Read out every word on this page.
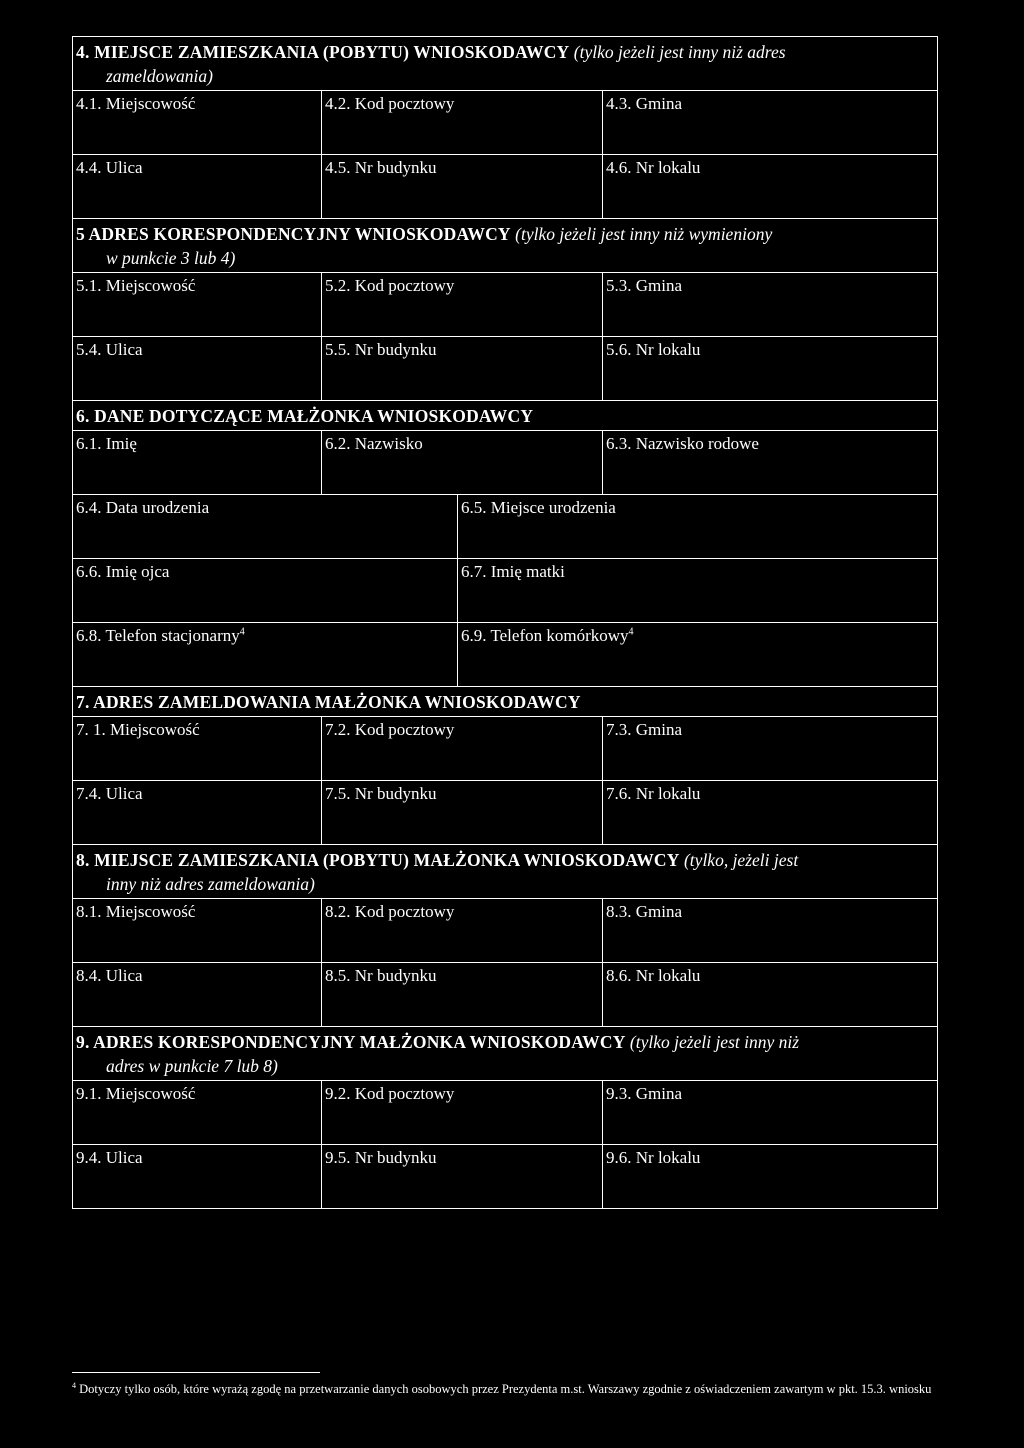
4. MIEJSCE ZAMIESZKANIA (POBYTU) WNIOSKODAWCY (tylko jeżeli jest inny niż adres
zameldowania)
4.1. Miejscowość	4.2. Kod pocztowy	4.3. Gmina
4.4. Ulica	4.5. Nr budynku	4.6. Nr lokalu
5 ADRES KORESPONDENCYJNY WNIOSKODAWCY (tylko jeżeli jest inny niż wymieniony
w punkcie 3 lub 4)
5.1. Miejscowość	5.2. Kod pocztowy	5.3. Gmina
5.4. Ulica	5.5. Nr budynku	5.6. Nr lokalu
6. DANE DOTYCZĄCE MAŁŻONKA WNIOSKODAWCY
6.1. Imię	6.2. Nazwisko	6.3. Nazwisko rodowe
6.4. Data urodzenia	6.5. Miejsce urodzenia
6.6. Imię ojca	6.7. Imię matki
6.8. Telefon stacjonarny$^4$	6.9. Telefon komórkowy$^4$
7. ADRES ZAMELDOWANIA MAŁŻONKA WNIOSKODAWCY
7. 1. Miejscowość	7.2. Kod pocztowy	7.3. Gmina
7.4. Ulica	7.5. Nr budynku	7.6. Nr lokalu
8. MIEJSCE ZAMIESZKANIA (POBYTU) MAŁŻONKA WNIOSKODAWCY (tylko, jeżeli jest
inny niż adres zameldowania)
8.1. Miejscowość	8.2. Kod pocztowy	8.3. Gmina
8.4. Ulica	8.5. Nr budynku	8.6. Nr lokalu
9. ADRES KORESPONDENCYJNY MAŁŻONKA WNIOSKODAWCY (tylko jeżeli jest inny niż
adres w punkcie 7 lub 8)
9.1. Miejscowość	9.2. Kod pocztowy	9.3. Gmina
9.4. Ulica	9.5. Nr budynku	9.6. Nr lokalu
$^4$ Dotyczy tylko osób, które wyrażą zgodę na przetwarzanie danych osobowych przez Prezydenta m.st. Warszawy zgodnie z oświadczeniem zawartym w pkt. 15.3. wniosku
